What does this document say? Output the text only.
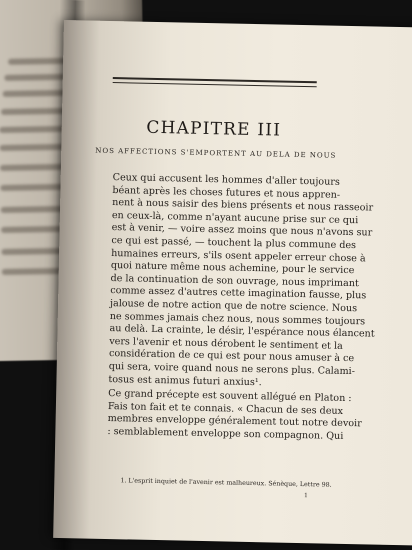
CHAPITRE III
NOS AFFECTIONS S'EMPORTENT AU DELA DE NOUS
Ceux qui accusent les hommes d'aller toujours
béant après les choses futures et nous appren-
nent à nous saisir des biens présents et nous rasseoir
en ceux-là, comme n'ayant aucune prise sur ce qui
est à venir, — voire assez moins que nous n'avons sur
ce qui est passé, — touchent la plus commune des
humaines erreurs, s'ils osent appeler erreur chose à
quoi nature même nous achemine, pour le service
de la continuation de son ouvrage, nous imprimant
comme assez d'autres cette imagination fausse, plus
jalouse de notre action que de notre science. Nous
ne sommes jamais chez nous, nous sommes toujours
au delà. La crainte, le désir, l'espérance nous élancent
vers l'avenir et nous dérobent le sentiment et la
considération de ce qui est pour nous amuser à ce
qui sera, voire quand nous ne serons plus. Calami-
tosus est animus futuri anxius¹.
Ce grand précepte est souvent allégué en Platon :
Fais ton fait et te connais. « Chacun de ses deux
membres enveloppe généralement tout notre devoir
: semblablement enveloppe son compagnon. Qui
1. L'esprit inquiet de l'avenir est malheureux. Sénèque, Lettre 98.
1
